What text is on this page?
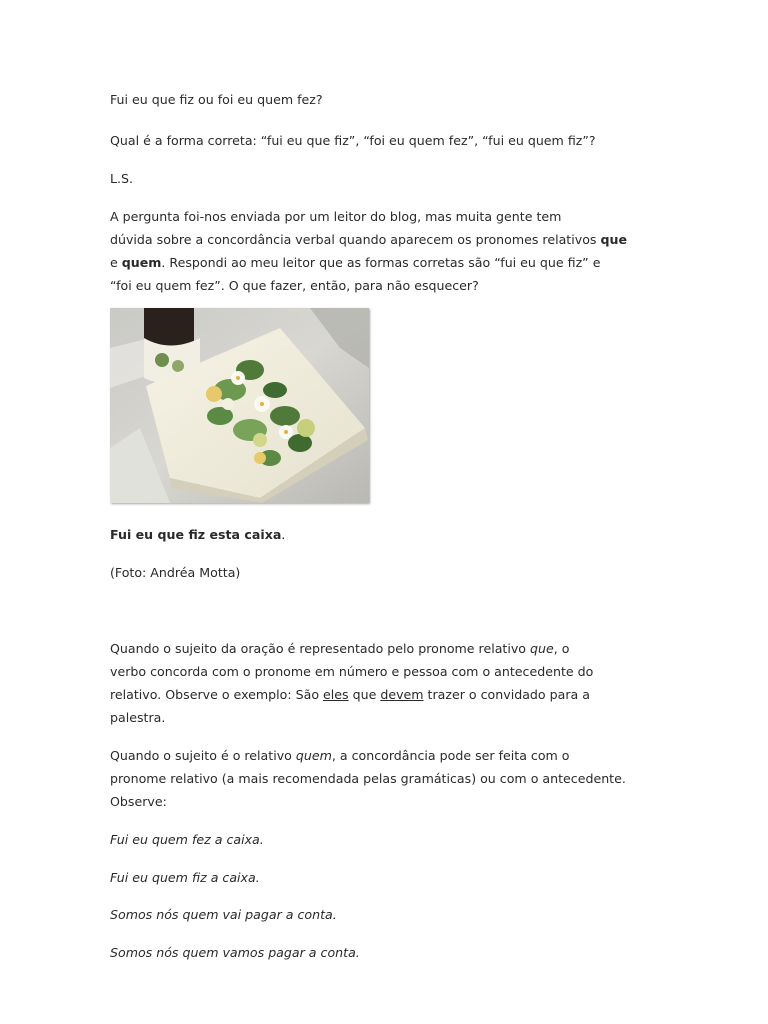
Fui eu que fiz ou foi eu quem fez?

Qual é a forma correta: “fui eu que fiz”, “foi eu quem fez”, “fui eu quem fiz”?

L.S.

A pergunta foi-nos enviada por um leitor do blog, mas muita gente tem

dúvida sobre a concordância verbal quando aparecem os pronomes relativos que

e quem. Respondi ao meu leitor que as formas corretas são “fui eu que fiz” e

“foi eu quem fez”. O que fazer, então, para não esquecer?

Fui eu que fiz esta caixa.

(Foto: Andréa Motta)

Quando o sujeito da oração é representado pelo pronome relativo que, o

verbo concorda com o pronome em número e pessoa com o antecedente do

relativo. Observe o exemplo: São eles que devem trazer o convidado para a

palestra.

Quando o sujeito é o relativo quem, a concordância pode ser feita com o

pronome relativo (a mais recomendada pelas gramáticas) ou com o antecedente.

Observe:

Fui eu quem fez a caixa.

Fui eu quem fiz a caixa.

Somos nós quem vai pagar a conta.

Somos nós quem vamos pagar a conta.
